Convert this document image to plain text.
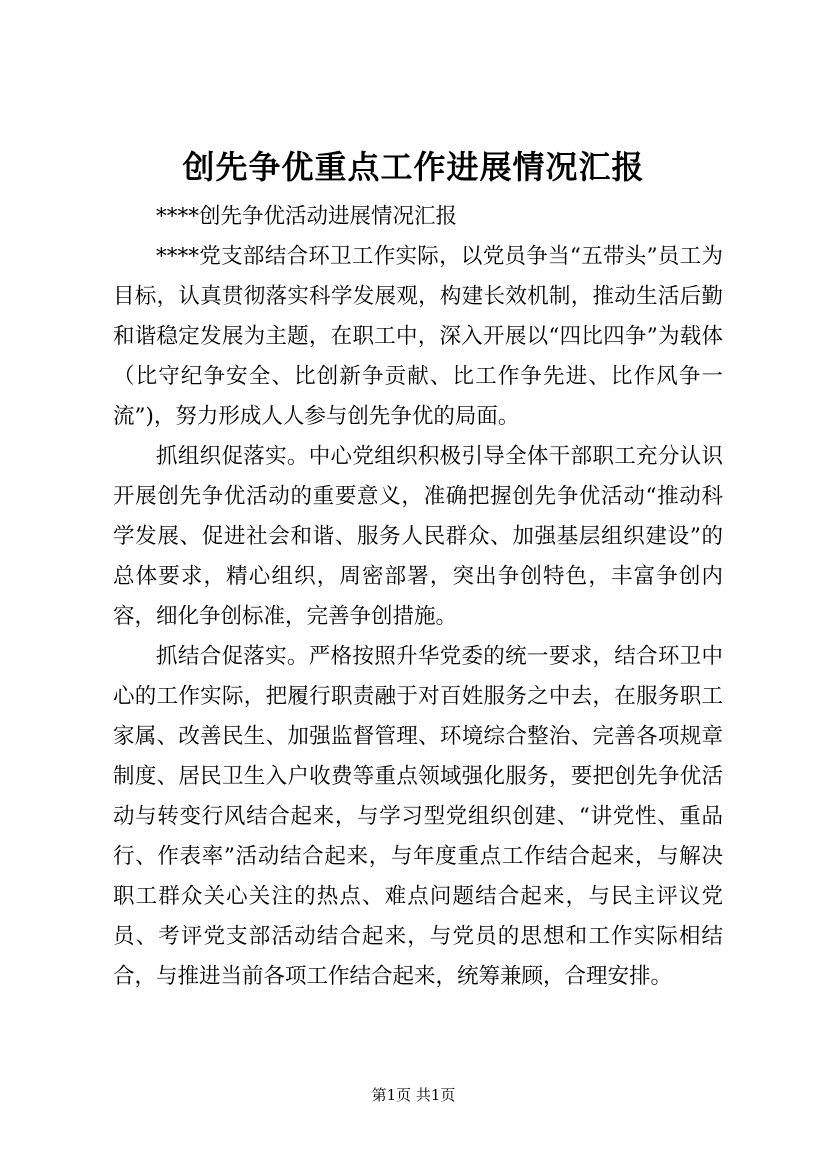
创先争优重点工作进展情况汇报

****创先争优活动进展情况汇报

****党支部结合环卫工作实际，以党员争当“五带头”员工为目标，认真贯彻落实科学发展观，构建长效机制，推动生活后勤和谐稳定发展为主题，在职工中，深入开展以“四比四争”为载体（比守纪争安全、比创新争贡献、比工作争先进、比作风争一流”)，努力形成人人参与创先争优的局面。

抓组织促落实。中心党组织积极引导全体干部职工充分认识开展创先争优活动的重要意义，准确把握创先争优活动“推动科学发展、促进社会和谐、服务人民群众、加强基层组织建设”的总体要求，精心组织，周密部署，突出争创特色，丰富争创内容，细化争创标准，完善争创措施。

抓结合促落实。严格按照升华党委的统一要求，结合环卫中心的工作实际，把履行职责融于对百姓服务之中去，在服务职工家属、改善民生、加强监督管理、环境综合整治、完善各项规章制度、居民卫生入户收费等重点领域强化服务，要把创先争优活动与转变行风结合起来，与学习型党组织创建、“讲党性、重品行、作表率”活动结合起来，与年度重点工作结合起来，与解决职工群众关心关注的热点、难点问题结合起来，与民主评议党员、考评党支部活动结合起来，与党员的思想和工作实际相结合，与推进当前各项工作结合起来，统筹兼顾，合理安排。

第1页 共1页
